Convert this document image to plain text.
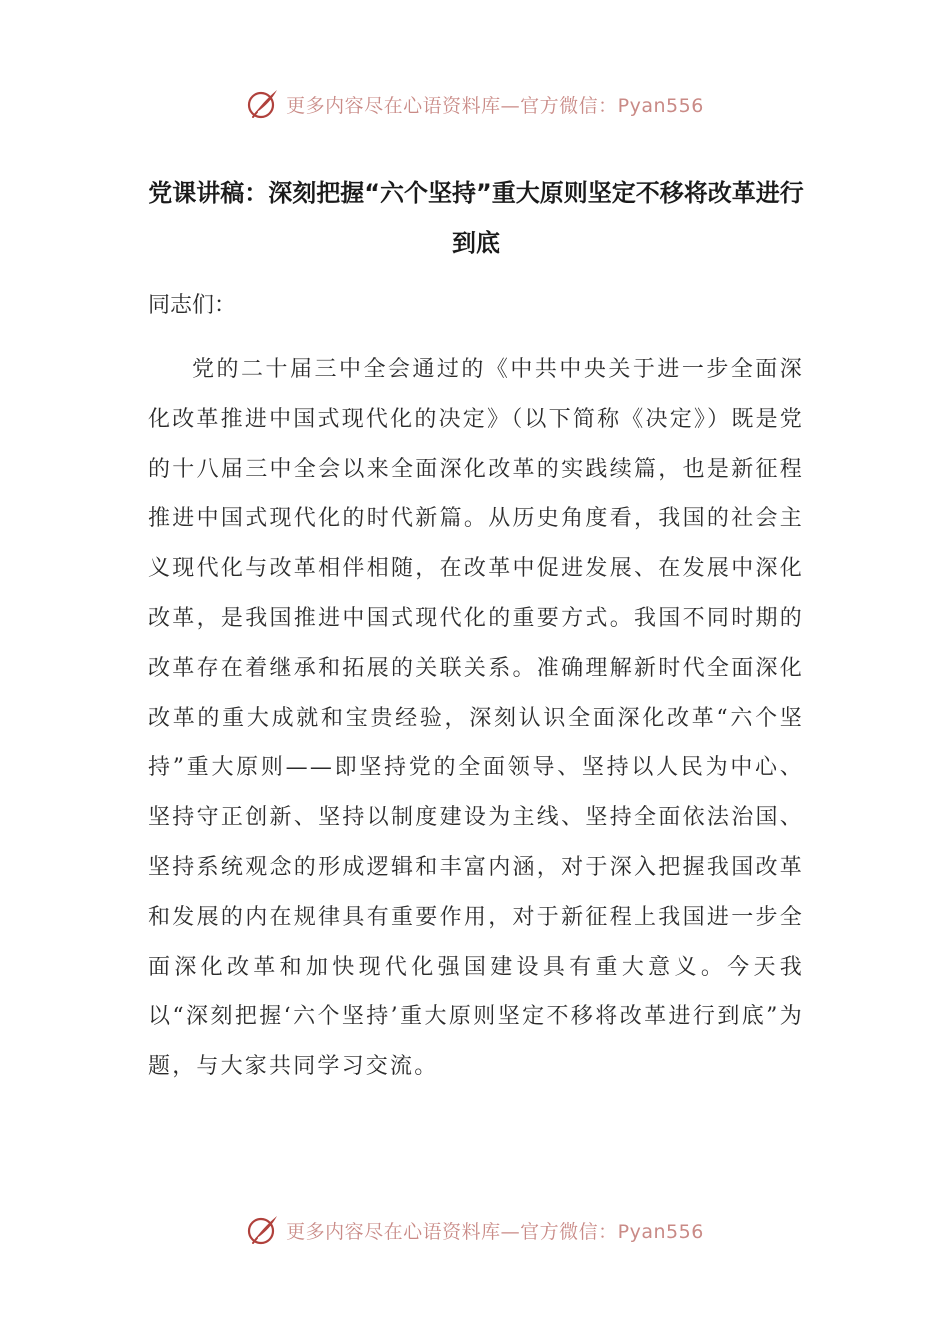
更多内容尽在心语资料库—官方微信：Pyan556
党课讲稿：深刻把握“六个坚持”重大原则坚定不移将改革进行到底

同志们：

党的二十届三中全会通过的《中共中央关于进一步全面深化改革推进中国式现代化的决定》（以下简称《决定》）既是党的十八届三中全会以来全面深化改革的实践续篇，也是新征程推进中国式现代化的时代新篇。从历史角度看，我国的社会主义现代化与改革相伴相随，在改革中促进发展、在发展中深化改革，是我国推进中国式现代化的重要方式。我国不同时期的改革存在着继承和拓展的关联关系。准确理解新时代全面深化改革的重大成就和宝贵经验，深刻认识全面深化改革“六个坚持”重大原则——即坚持党的全面领导、坚持以人民为中心、坚持守正创新、坚持以制度建设为主线、坚持全面依法治国、坚持系统观念的形成逻辑和丰富内涵，对于深入把握我国改革和发展的内在规律具有重要作用，对于新征程上我国进一步全面深化改革和加快现代化强国建设具有重大意义。今天我以“深刻把握‘六个坚持’重大原则坚定不移将改革进行到底”为题，与大家共同学习交流。

更多内容尽在心语资料库—官方微信：Pyan556
